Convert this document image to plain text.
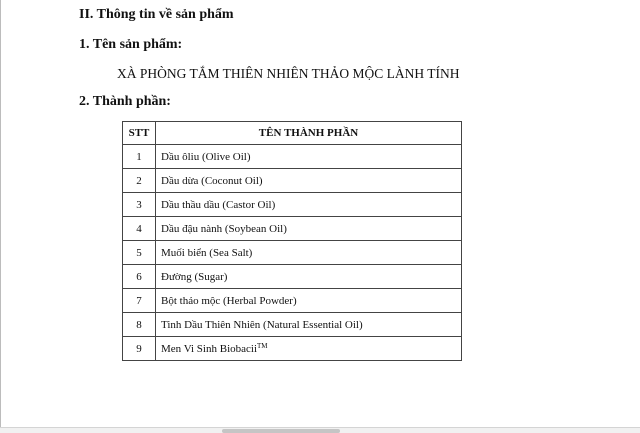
II. Thông tin về sản phẩm
1. Tên sản phẩm:
XÀ PHÒNG TẮM THIÊN NHIÊN THẢO MỘC LÀNH TÍNH
2. Thành phần:
STT	TÊN THÀNH PHẦN
1	Dầu ôliu (Olive Oil)
2	Dầu dừa (Coconut Oil)
3	Dầu thầu dầu (Castor Oil)
4	Dầu đậu nành (Soybean Oil)
5	Muối biển (Sea Salt)
6	Đường (Sugar)
7	Bột thảo mộc (Herbal Powder)
8	Tinh Dầu Thiên Nhiên (Natural Essential Oil)
9	Men Vi Sinh Biobacii™
